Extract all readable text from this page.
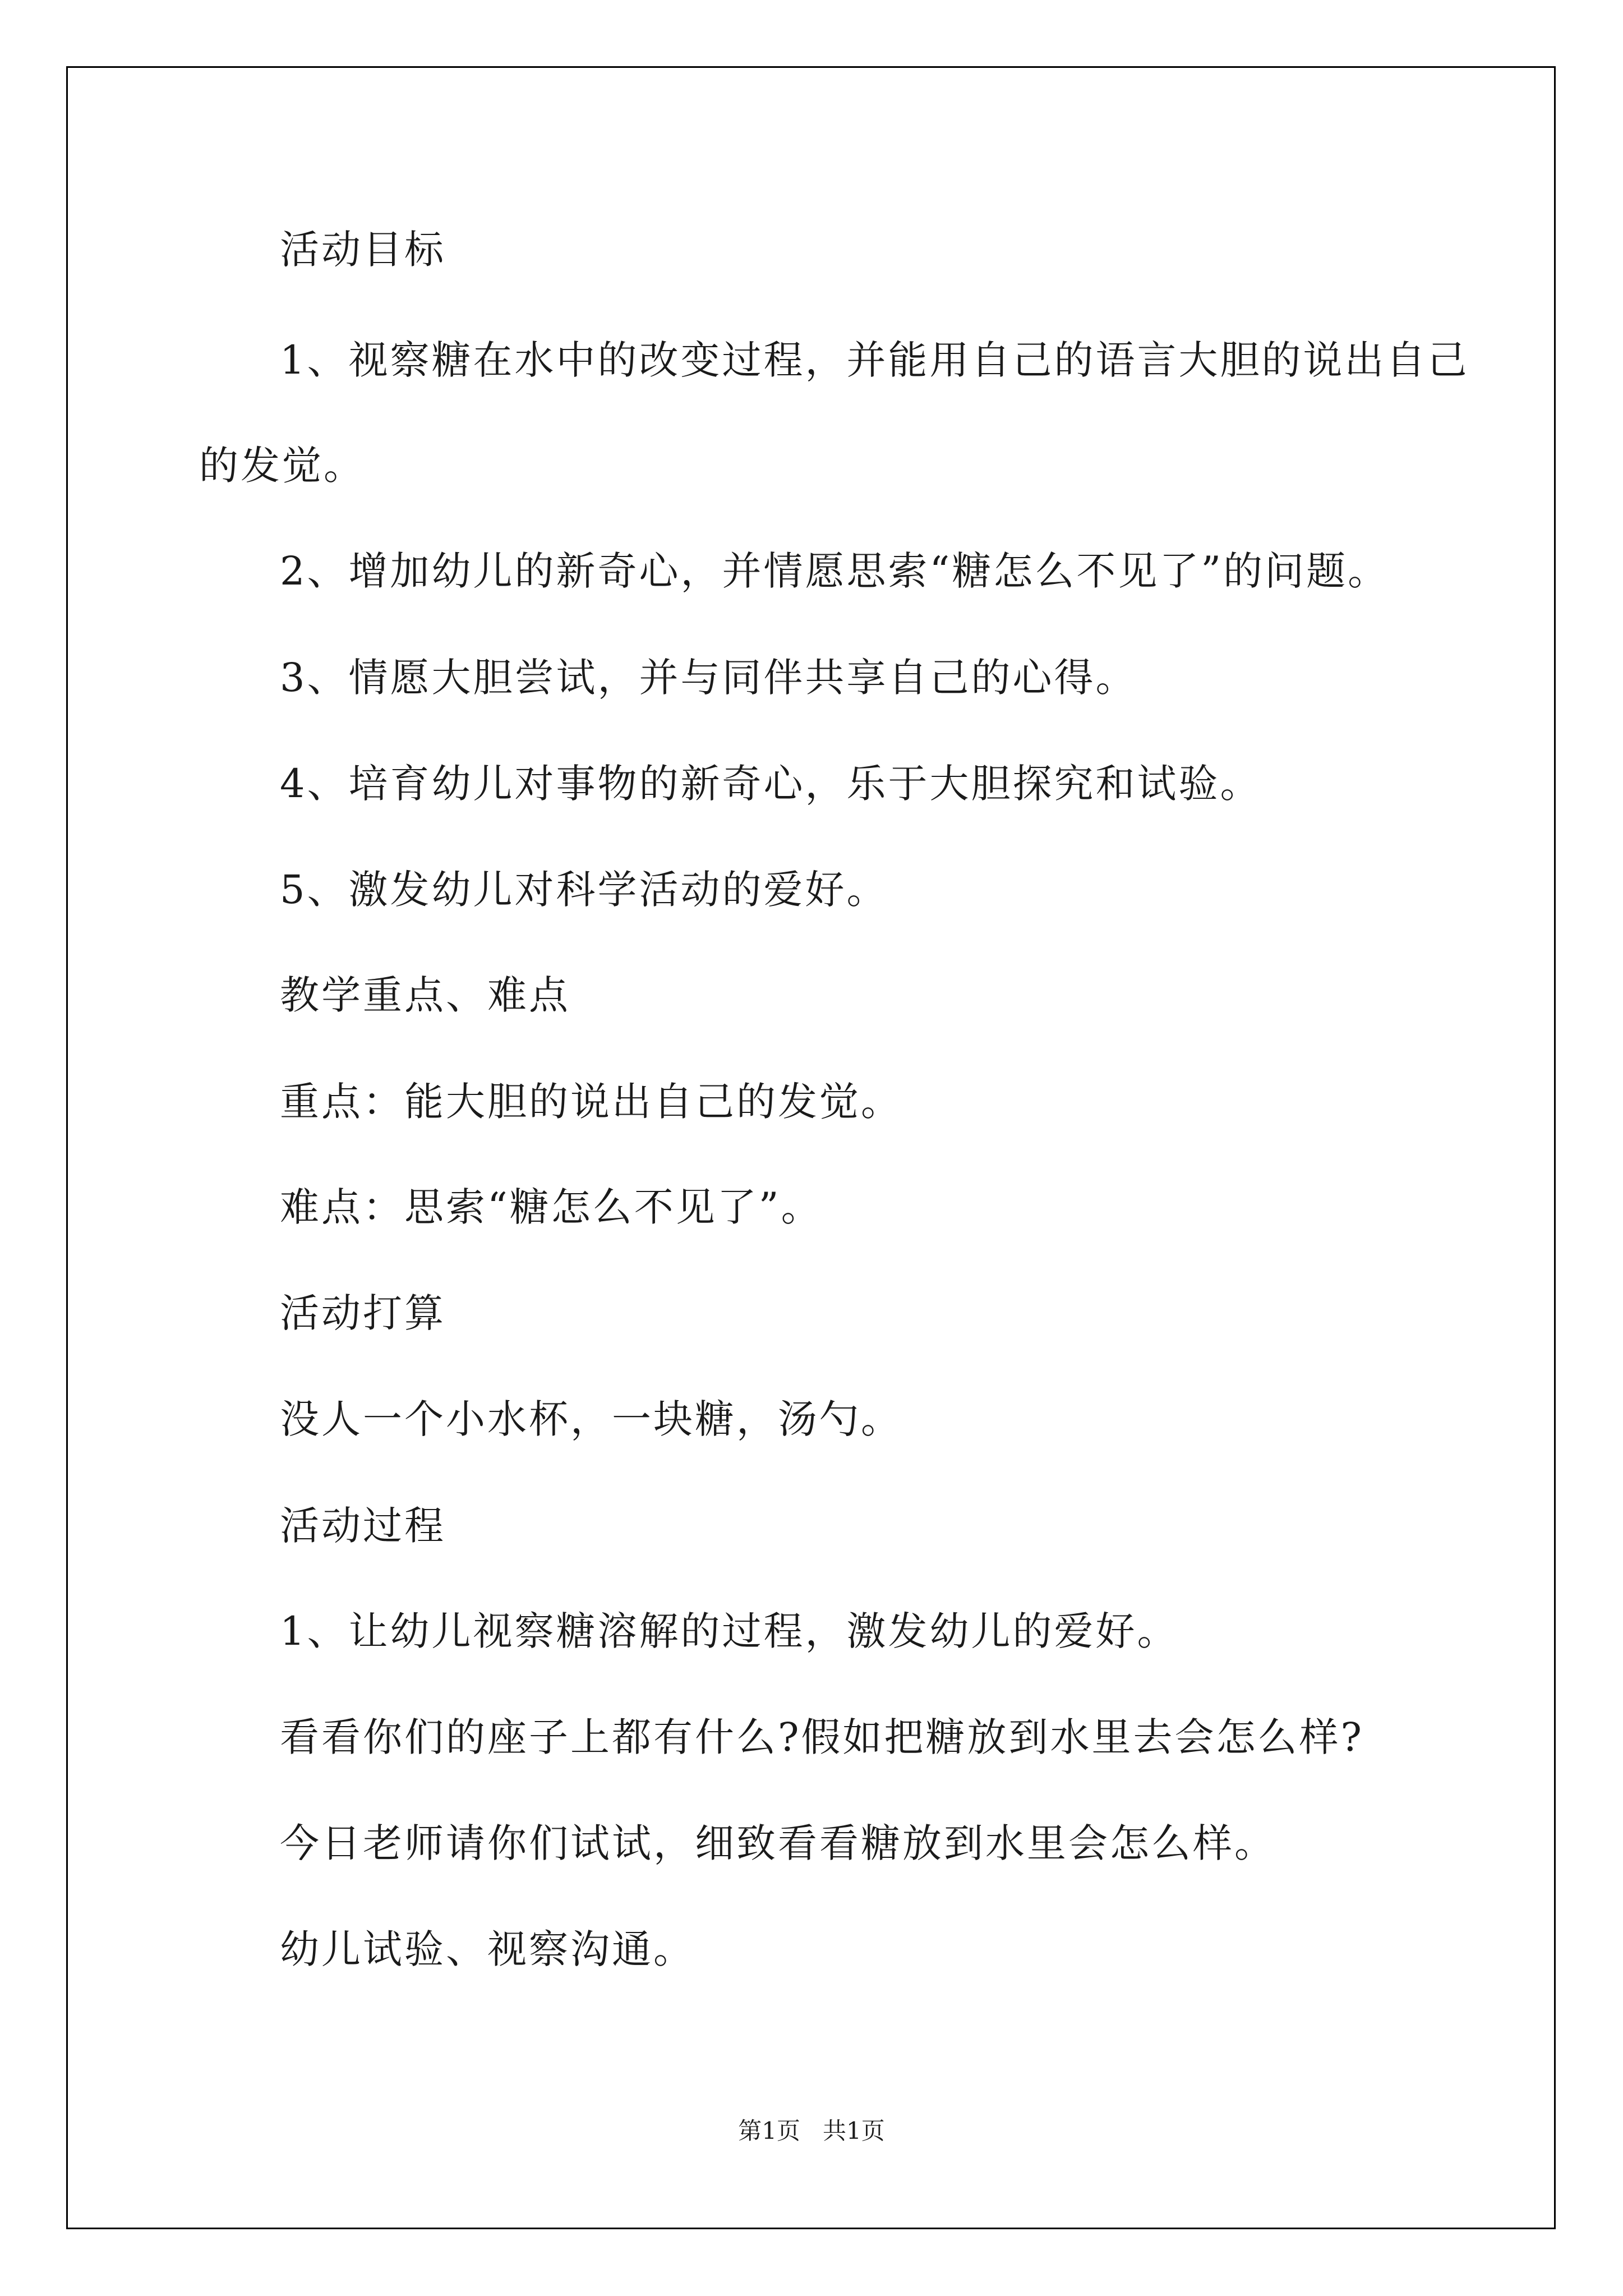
活动目标
1、视察糖在水中的改变过程，并能用自己的语言大胆的说出自己
的发觉。
2、增加幼儿的新奇心，并情愿思索“糖怎么不见了”的问题。
3、情愿大胆尝试，并与同伴共享自己的心得。
4、培育幼儿对事物的新奇心，乐于大胆探究和试验。
5、激发幼儿对科学活动的爱好。
教学重点、难点
重点：能大胆的说出自己的发觉。
难点：思索“糖怎么不见了”。
活动打算
没人一个小水杯，一块糖，汤勺。
活动过程
1、让幼儿视察糖溶解的过程，激发幼儿的爱好。
看看你们的座子上都有什么?假如把糖放到水里去会怎么样?
今日老师请你们试试，细致看看糖放到水里会怎么样。
幼儿试验、视察沟通。
第1页   共1页
